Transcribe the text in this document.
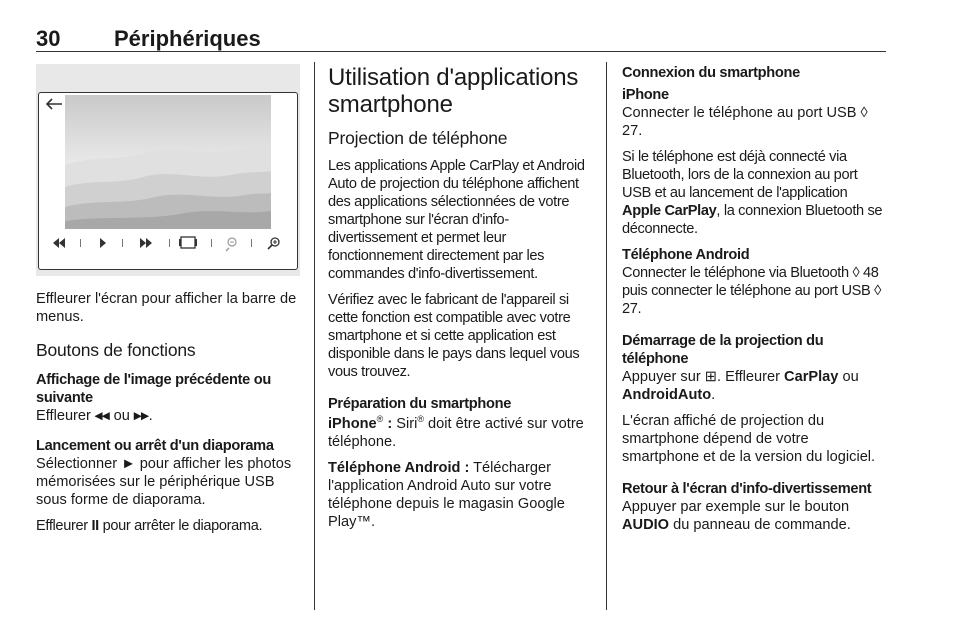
30 Périphériques

Effleurer l'écran pour afficher la barre de menus.

Boutons de fonctions

Affichage de l'image précédente ou suivante

Effleurer ◂◂ ou ▸▸.

Lancement ou arrêt d'un diaporama

Sélectionner ► pour afficher les photos mémorisées sur le périphérique USB sous forme de diaporama.

Effleurer II pour arrêter le diaporama.

Utilisation d'applications smartphone
Projection de téléphone

Les applications Apple CarPlay et Android Auto de projection du téléphone affichent des applications sélectionnées de votre smartphone sur l'écran d'info-divertissement et permet leur fonctionnement directement par les commandes d'info-divertissement.

Vérifiez avec le fabricant de l'appareil si cette fonction est compatible avec votre smartphone et si cette application est disponible dans le pays dans lequel vous vous trouvez.

Préparation du smartphone

iPhone® : Siri® doit être activé sur votre téléphone.

Téléphone Android : Télécharger l'application Android Auto sur votre téléphone depuis le magasin Google Play™.

Connexion du smartphone

iPhone

Connecter le téléphone au port USB ◊ 27.

Si le téléphone est déjà connecté via Bluetooth, lors de la connexion au port USB et au lancement de l'application Apple CarPlay, la connexion Bluetooth se déconnecte.

Téléphone Android

Connecter le téléphone via Bluetooth ◊ 48 puis connecter le téléphone au port USB ◊ 27.

Démarrage de la projection du téléphone

Appuyer sur ⊞. Effleurer CarPlay ou AndroidAuto.

L'écran affiché de projection du smartphone dépend de votre smartphone et de la version du logiciel.

Retour à l'écran d'info-divertissement

Appuyer par exemple sur le bouton AUDIO du panneau de commande.
